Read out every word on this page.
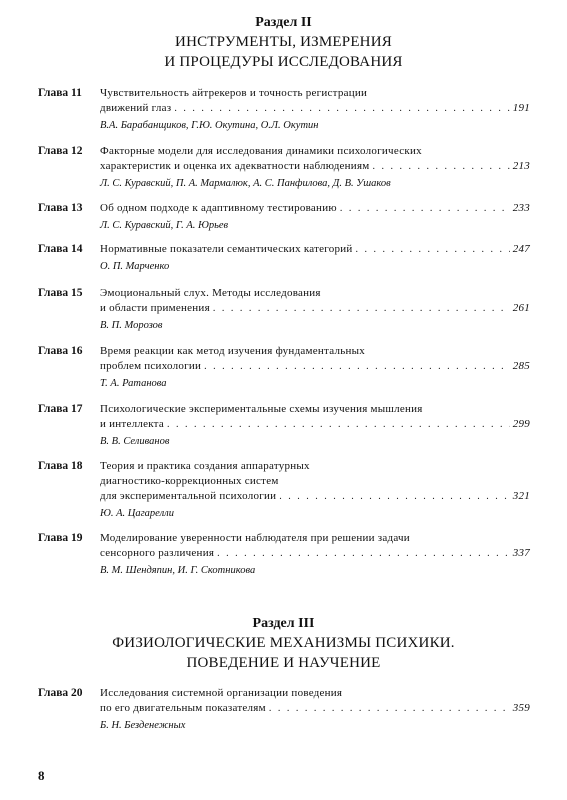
Раздел II
ИНСТРУМЕНТЫ, ИЗМЕРЕНИЯ
И ПРОЦЕДУРЫ ИССЛЕДОВАНИЯ
Глава 11 Чувствительность айтрекеров и точность регистрации
движений глаз . . .	191
В.А. Барабанщиков, Г.Ю. Окутина, О.Л. Окутин
Глава 12 Факторные модели для исследования динамики психологических
характеристик и оценка их адекватности наблюдениям . . .	213
Л. С. Куравский, П. А. Мармалюк, А. С. Панфилова, Д. В. Ушаков
Глава 13 Об одном подходе к адаптивному тестированию . . .	233
Л. С. Куравский, Г. А. Юрьев
Глава 14 Нормативные показатели семантических категорий . . .	247
О. П. Марченко
Глава 15 Эмоциональный слух. Методы исследования
и области применения . . .	261
В. П. Морозов
Глава 16 Время реакции как метод изучения фундаментальных
проблем психологии . . .	285
Т. А. Ратанова
Глава 17 Психологические экспериментальные схемы изучения мышления
и интеллекта . . .	299
В. В. Селиванов
Глава 18 Теория и практика создания аппаратурных
диагностико-коррекционных систем
для экспериментальной психологии . . .	321
Ю. А. Цагарелли
Глава 19 Моделирование уверенности наблюдателя при решении задачи
сенсорного различения . . .	337
В. М. Шендяпин, И. Г. Скотникова
Раздел III
ФИЗИОЛОГИЧЕСКИЕ МЕХАНИЗМЫ ПСИХИКИ.
ПОВЕДЕНИЕ И НАУЧЕНИЕ
Глава 20 Исследования системной организации поведения
по его двигательным показателям . . .	359
Б. Н. Безденежных
8
